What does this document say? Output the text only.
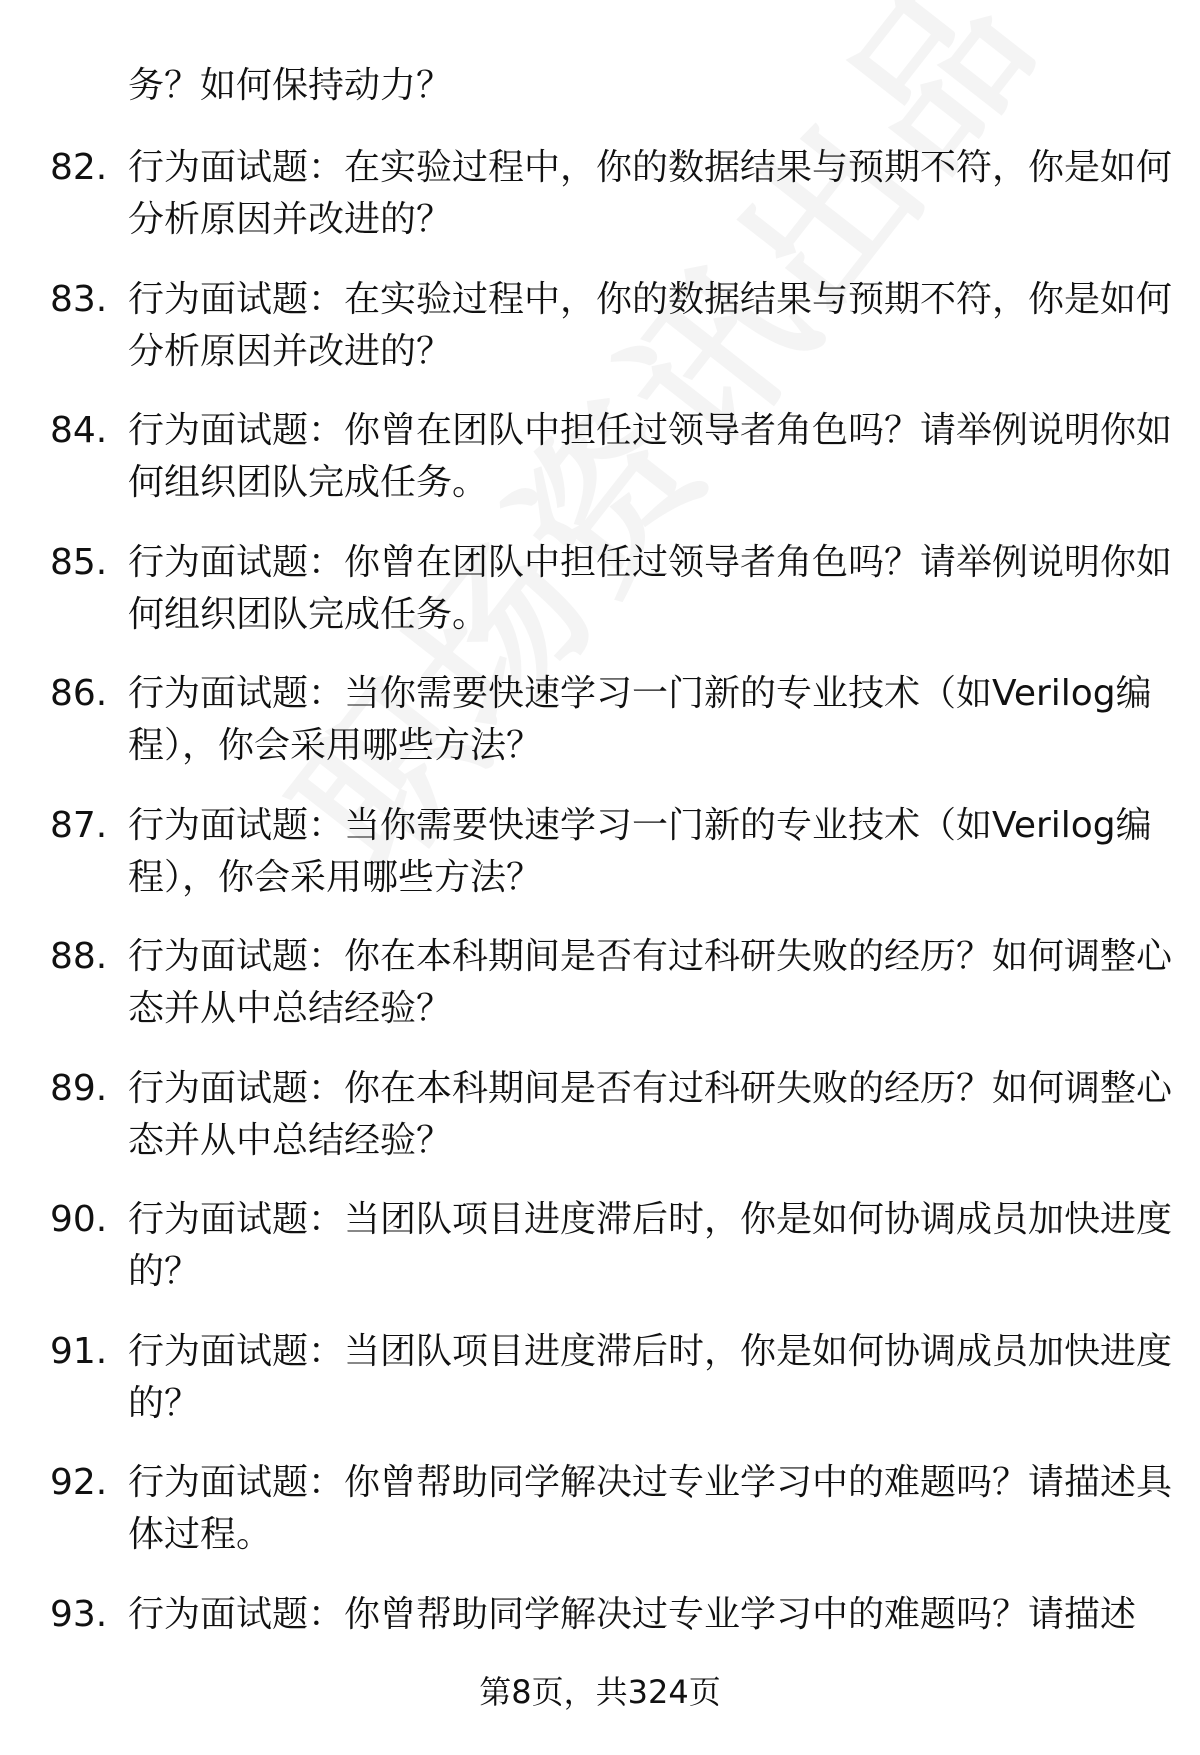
务？如何保持动力？

82. 行为面试题：在实验过程中，你的数据结果与预期不符，你是如何分析原因并改进的？
83. 行为面试题：在实验过程中，你的数据结果与预期不符，你是如何分析原因并改进的？
84. 行为面试题：你曾在团队中担任过领导者角色吗？请举例说明你如何组织团队完成任务。
85. 行为面试题：你曾在团队中担任过领导者角色吗？请举例说明你如何组织团队完成任务。
86. 行为面试题：当你需要快速学习一门新的专业技术（如Verilog编程），你会采用哪些方法？
87. 行为面试题：当你需要快速学习一门新的专业技术（如Verilog编程），你会采用哪些方法？
88. 行为面试题：你在本科期间是否有过科研失败的经历？如何调整心态并从中总结经验？
89. 行为面试题：你在本科期间是否有过科研失败的经历？如何调整心态并从中总结经验？
90. 行为面试题：当团队项目进度滞后时，你是如何协调成员加快进度的？
91. 行为面试题：当团队项目进度滞后时，你是如何协调成员加快进度的？
92. 行为面试题：你曾帮助同学解决过专业学习中的难题吗？请描述具体过程。
93. 行为面试题：你曾帮助同学解决过专业学习中的难题吗？请描述
第8页，共324页
